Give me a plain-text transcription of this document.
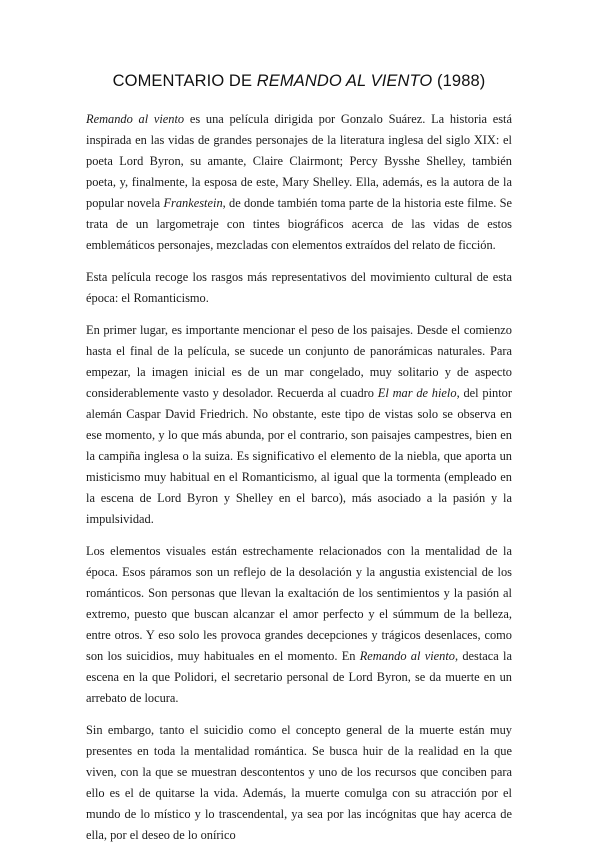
COMENTARIO DE REMANDO AL VIENTO (1988)

Remando al viento es una película dirigida por Gonzalo Suárez. La historia está inspirada en las vidas de grandes personajes de la literatura inglesa del siglo XIX: el poeta Lord Byron, su amante, Claire Clairmont; Percy Bysshe Shelley, también poeta, y, finalmente, la esposa de este, Mary Shelley. Ella, además, es la autora de la popular novela Frankestein, de donde también toma parte de la historia este filme. Se trata de un largometraje con tintes biográficos acerca de las vidas de estos emblemáticos personajes, mezcladas con elementos extraídos del relato de ficción.

Esta película recoge los rasgos más representativos del movimiento cultural de esta época: el Romanticismo.

En primer lugar, es importante mencionar el peso de los paisajes. Desde el comienzo hasta el final de la película, se sucede un conjunto de panorámicas naturales. Para empezar, la imagen inicial es de un mar congelado, muy solitario y de aspecto considerablemente vasto y desolador. Recuerda al cuadro El mar de hielo, del pintor alemán Caspar David Friedrich. No obstante, este tipo de vistas solo se observa en ese momento, y lo que más abunda, por el contrario, son paisajes campestres, bien en la campiña inglesa o la suiza. Es significativo el elemento de la niebla, que aporta un misticismo muy habitual en el Romanticismo, al igual que la tormenta (empleado en la escena de Lord Byron y Shelley en el barco), más asociado a la pasión y la impulsividad.

Los elementos visuales están estrechamente relacionados con la mentalidad de la época. Esos páramos son un reflejo de la desolación y la angustia existencial de los románticos. Son personas que llevan la exaltación de los sentimientos y la pasión al extremo, puesto que buscan alcanzar el amor perfecto y el súmmum de la belleza, entre otros. Y eso solo les provoca grandes decepciones y trágicos desenlaces, como son los suicidios, muy habituales en el momento. En Remando al viento, destaca la escena en la que Polidori, el secretario personal de Lord Byron, se da muerte en un arrebato de locura.

Sin embargo, tanto el suicidio como el concepto general de la muerte están muy presentes en toda la mentalidad romántica. Se busca huir de la realidad en la que viven, con la que se muestran descontentos y uno de los recursos que conciben para ello es el de quitarse la vida. Además, la muerte comulga con su atracción por el mundo de lo místico y lo trascendental, ya sea por las incógnitas que hay acerca de ella, por el deseo de lo onírico
